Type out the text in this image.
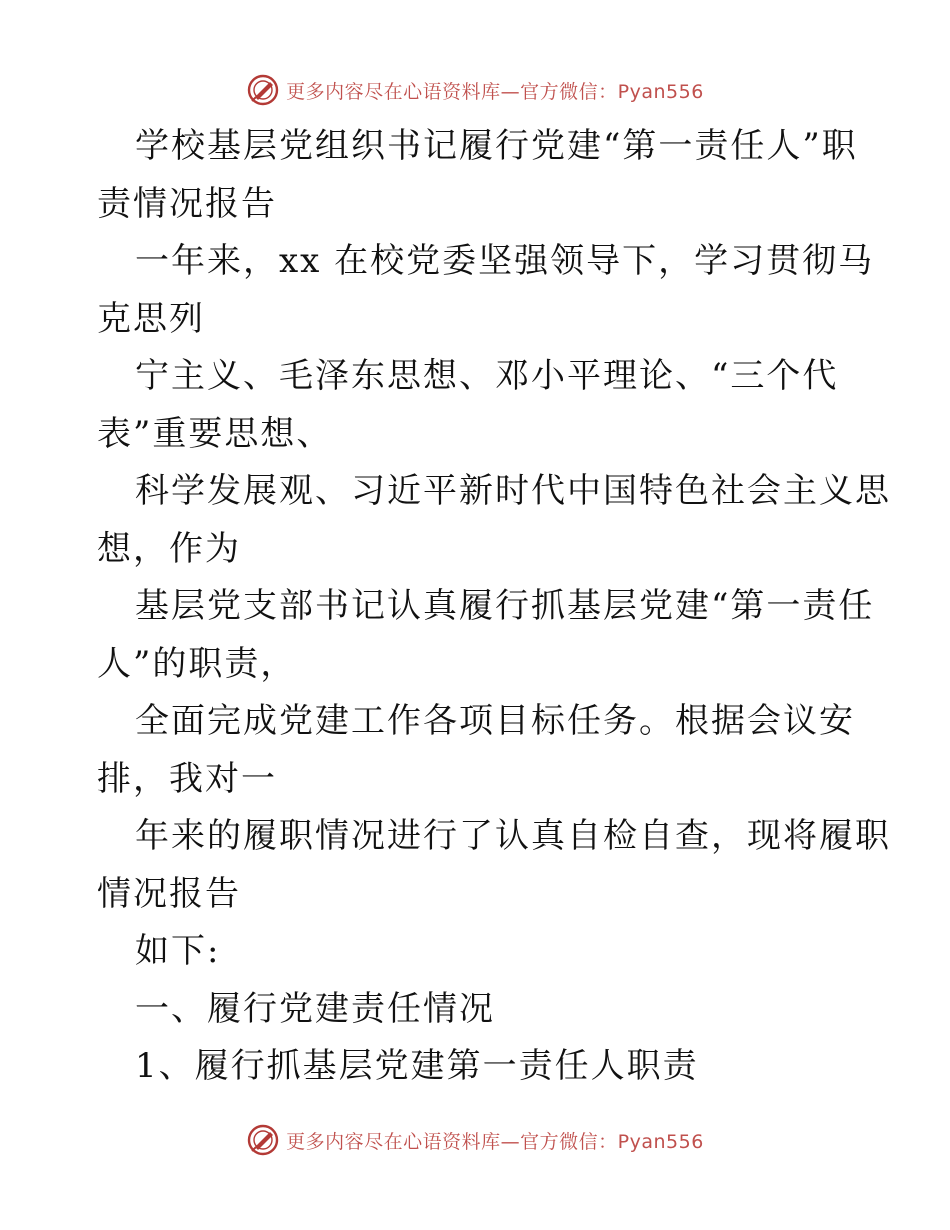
更多内容尽在心语资料库—官方微信：Pyan556
学校基层党组织书记履行党建“第一责任人”职
责情况报告
一年来，xx 在校党委坚强领导下，学习贯彻马
克思列
宁主义、毛泽东思想、邓小平理论、“三个代
表”重要思想、
科学发展观、习近平新时代中国特色社会主义思
想，作为
基层党支部书记认真履行抓基层党建“第一责任
人”的职责，
全面完成党建工作各项目标任务。根据会议安
排，我对一
年来的履职情况进行了认真自检自查，现将履职
情况报告
如下:
一、履行党建责任情况
1、履行抓基层党建第一责任人职责
更多内容尽在心语资料库—官方微信：Pyan556
